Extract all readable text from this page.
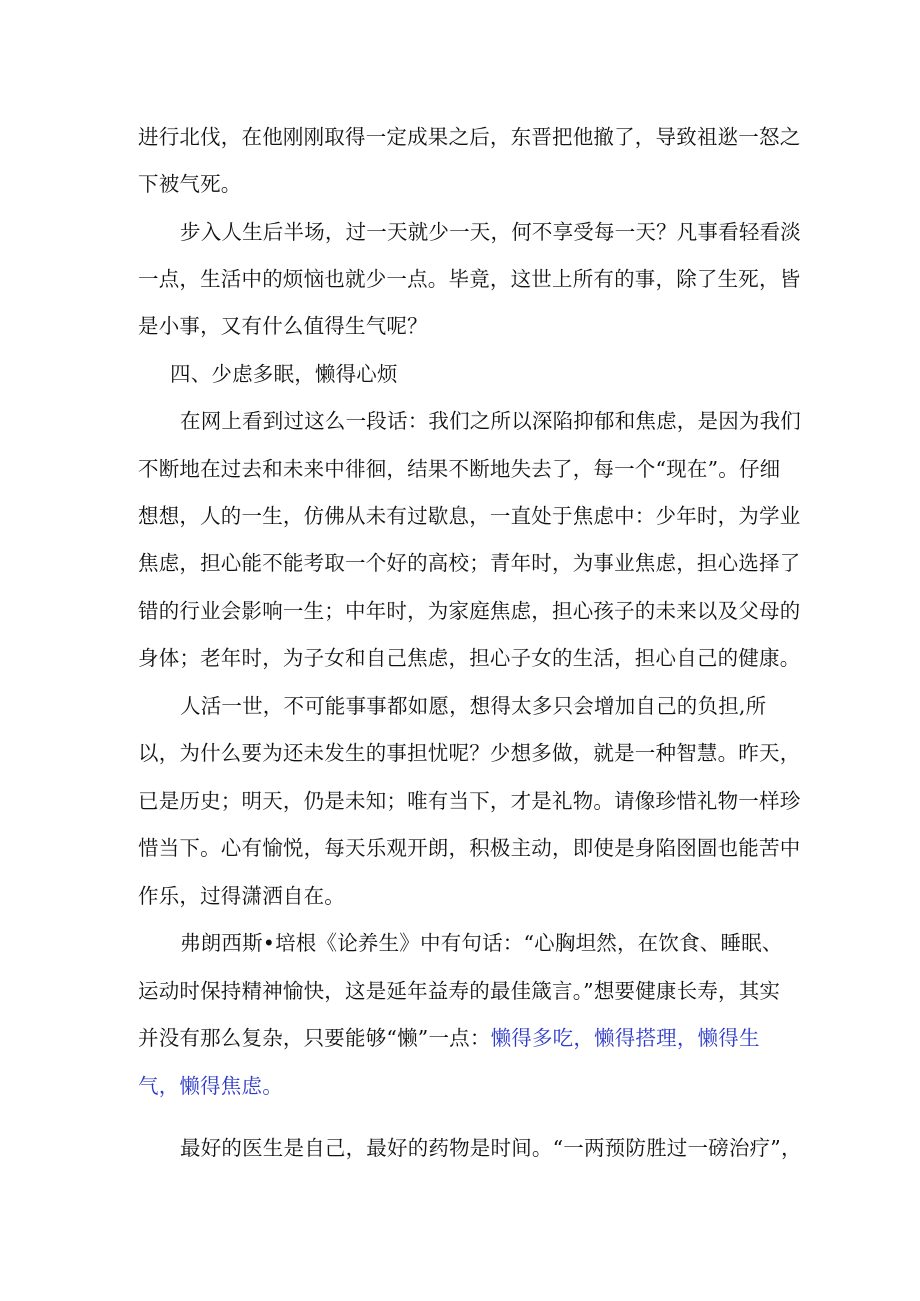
进行北伐，在他刚刚取得一定成果之后，东晋把他撤了，导致祖逖一怒之

下被气死。

步入人生后半场，过一天就少一天，何不享受每一天？凡事看轻看淡

一点，生活中的烦恼也就少一点。毕竟，这世上所有的事，除了生死，皆

是小事，又有什么值得生气呢？

四、少虑多眠，懒得心烦

在网上看到过这么一段话：我们之所以深陷抑郁和焦虑，是因为我们

不断地在过去和未来中徘徊，结果不断地失去了，每一个“现在”。仔细

想想，人的一生，仿佛从未有过歇息，一直处于焦虑中：少年时，为学业

焦虑，担心能不能考取一个好的高校；青年时，为事业焦虑，担心选择了

错的行业会影响一生；中年时，为家庭焦虑，担心孩子的未来以及父母的

身体；老年时，为子女和自己焦虑，担心子女的生活，担心自己的健康。

人活一世，不可能事事都如愿，想得太多只会增加自己的负担,所

以，为什么要为还未发生的事担忧呢？少想多做，就是一种智慧。昨天，

已是历史；明天，仍是未知；唯有当下，才是礼物。请像珍惜礼物一样珍

惜当下。心有愉悦，每天乐观开朗，积极主动，即使是身陷囹圄也能苦中

作乐，过得潇洒自在。

弗朗西斯•培根《论养生》中有句话：“心胸坦然，在饮食、睡眠、

运动时保持精神愉快，这是延年益寿的最佳箴言。”想要健康长寿，其实

并没有那么复杂，只要能够“懒”一点：懒得多吃，懒得搭理，懒得生

气，懒得焦虑。

最好的医生是自己，最好的药物是时间。“一两预防胜过一磅治疗”，
